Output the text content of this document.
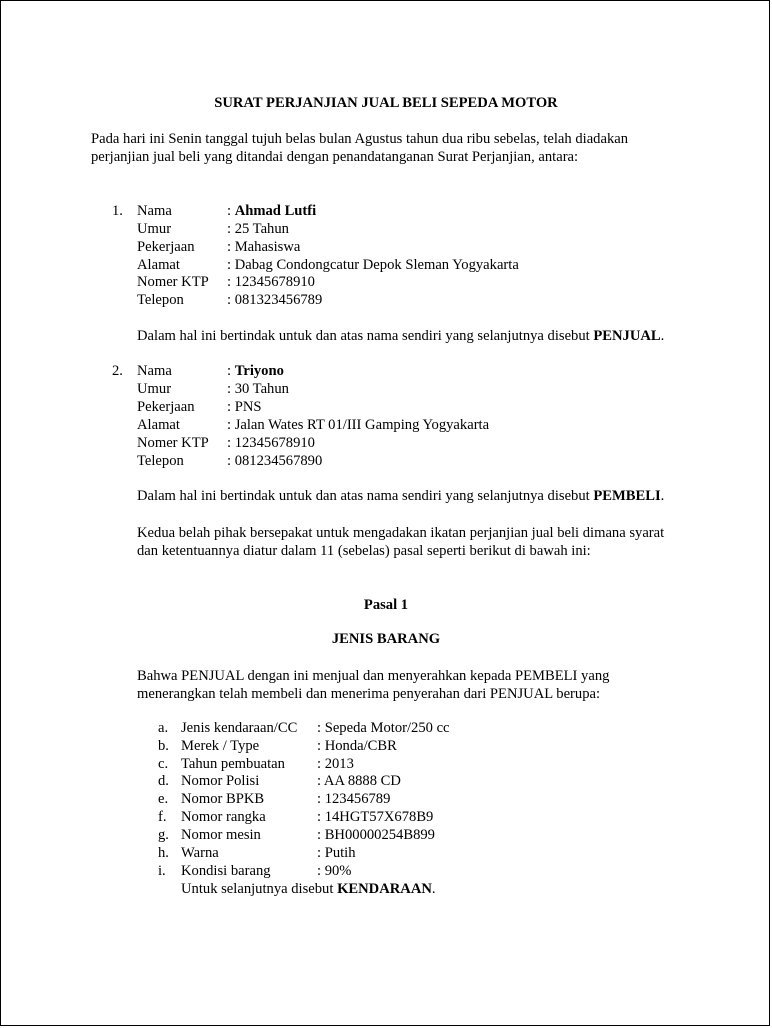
SURAT PERJANJIAN JUAL BELI SEPEDA MOTOR
Pada hari ini Senin tanggal tujuh belas bulan Agustus tahun dua ribu sebelas, telah diadakan
perjanjian jual beli yang ditandai dengan penandatanganan Surat Perjanjian, antara:
1. Nama	: Ahmad Lutfi
Umur	: 25 Tahun
Pekerjaan : Mahasiswa
Alamat	: Dabag Condongcatur Depok Sleman Yogyakarta
Nomer KTP : 12345678910
Telepon	: 081323456789
Dalam hal ini bertindak untuk dan atas nama sendiri yang selanjutnya disebut PENJUAL.
2. Nama	: Triyono
Umur	: 30 Tahun
Pekerjaan : PNS
Alamat	: Jalan Wates RT 01/III Gamping Yogyakarta
Nomer KTP : 12345678910
Telepon	: 081234567890
Dalam hal ini bertindak untuk dan atas nama sendiri yang selanjutnya disebut PEMBELI.
Kedua belah pihak bersepakat untuk mengadakan ikatan perjanjian jual beli dimana syarat
dan ketentuannya diatur dalam 11 (sebelas) pasal seperti berikut di bawah ini:
Pasal 1
JENIS BARANG
Bahwa PENJUAL dengan ini menjual dan menyerahkan kepada PEMBELI yang
menerangkan telah membeli dan menerima penyerahan dari PENJUAL berupa:
a. Jenis kendaraan/CC : Sepeda Motor/250 cc
b. Merek / Type	: Honda/CBR
c. Tahun pembuatan : 2013
d. Nomor Polisi	: AA 8888 CD
e. Nomor BPKB	: 123456789
f. Nomor rangka	: 14HGT57X678B9
g. Nomor mesin	: BH00000254B899
h. Warna	: Putih
i. Kondisi barang	: 90%
Untuk selanjutnya disebut KENDARAAN.
